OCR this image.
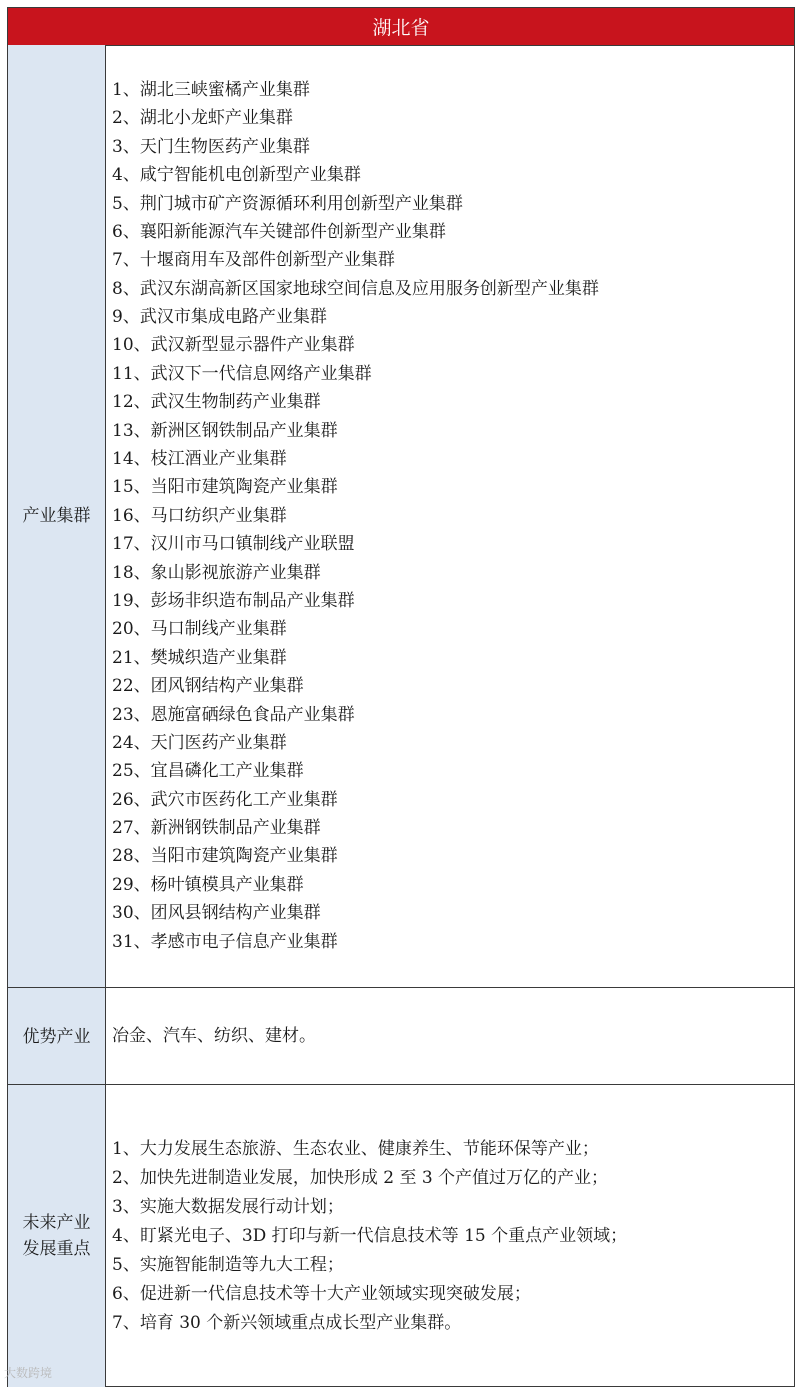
湖北省
产业集群
1、湖北三峡蜜橘产业集群
2、湖北小龙虾产业集群
3、天门生物医药产业集群
4、咸宁智能机电创新型产业集群
5、荆门城市矿产资源循环利用创新型产业集群
6、襄阳新能源汽车关键部件创新型产业集群
7、十堰商用车及部件创新型产业集群
8、武汉东湖高新区国家地球空间信息及应用服务创新型产业集群
9、武汉市集成电路产业集群
10、武汉新型显示器件产业集群
11、武汉下一代信息网络产业集群
12、武汉生物制药产业集群
13、新洲区钢铁制品产业集群
14、枝江酒业产业集群
15、当阳市建筑陶瓷产业集群
16、马口纺织产业集群
17、汉川市马口镇制线产业联盟
18、象山影视旅游产业集群
19、彭场非织造布制品产业集群
20、马口制线产业集群
21、樊城织造产业集群
22、团风钢结构产业集群
23、恩施富硒绿色食品产业集群
24、天门医药产业集群
25、宜昌磷化工产业集群
26、武穴市医药化工产业集群
27、新洲钢铁制品产业集群
28、当阳市建筑陶瓷产业集群
29、杨叶镇模具产业集群
30、团风县钢结构产业集群
31、孝感市电子信息产业集群
优势产业 冶金、汽车、纺织、建材。
未来产业
发展重点
1、大力发展生态旅游、生态农业、健康养生、节能环保等产业；
2、加快先进制造业发展，加快形成 2 至 3 个产值过万亿的产业；
3、实施大数据发展行动计划；
4、盯紧光电子、3D 打印与新一代信息技术等 15 个重点产业领域；
5、实施智能制造等九大工程；
6、促进新一代信息技术等十大产业领域实现突破发展；
7、培育 30 个新兴领域重点成长型产业集群。
大数跨境
